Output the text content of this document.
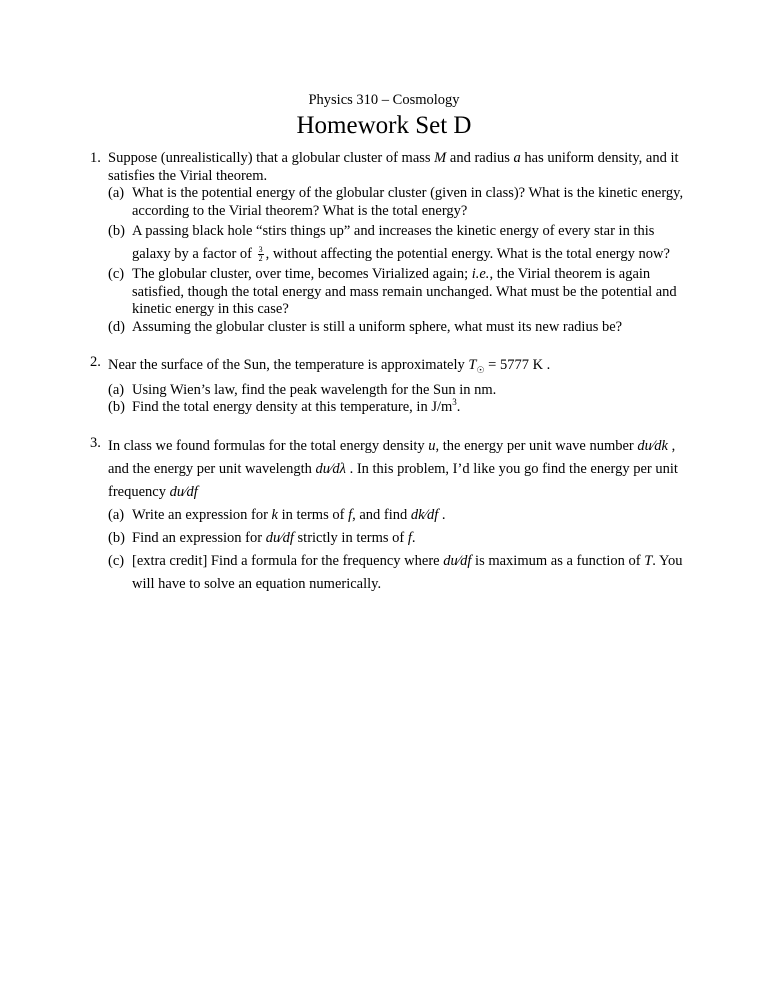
Physics 310 – Cosmology
Homework Set D
1. Suppose (unrealistically) that a globular cluster of mass M and radius a has uniform density, and it satisfies the Virial theorem.
(a) What is the potential energy of the globular cluster (given in class)? What is the kinetic energy, according to the Virial theorem? What is the total energy?
(b) A passing black hole “stirs things up” and increases the kinetic energy of every star in this galaxy by a factor of $\frac{3}{2}$ , without affecting the potential energy. What is the total energy now?
(c) The globular cluster, over time, becomes Virialized again; i.e., the Virial theorem is again satisfied, though the total energy and mass remain unchanged. What must be the potential and kinetic energy in this case?
(d) Assuming the globular cluster is still a uniform sphere, what must its new radius be?
2. Near the surface of the Sun, the temperature is approximately $T_☉ = 5777$ K .
(a) Using Wien’s law, find the peak wavelength for the Sun in nm.
(b) Find the total energy density at this temperature, in $J/m^3$.
3. In class we found formulas for the total energy density u, the energy per unit wave number du⁄dk , and the energy per unit wavelength du⁄dλ . In this problem, I’d like you go find the energy per unit frequency du⁄df
(a) Write an expression for k in terms of f, and find dk⁄df .
(b) Find an expression for du⁄df strictly in terms of f.
(c) [extra credit] Find a formula for the frequency where du⁄df is maximum as a function of T. You will have to solve an equation numerically.
